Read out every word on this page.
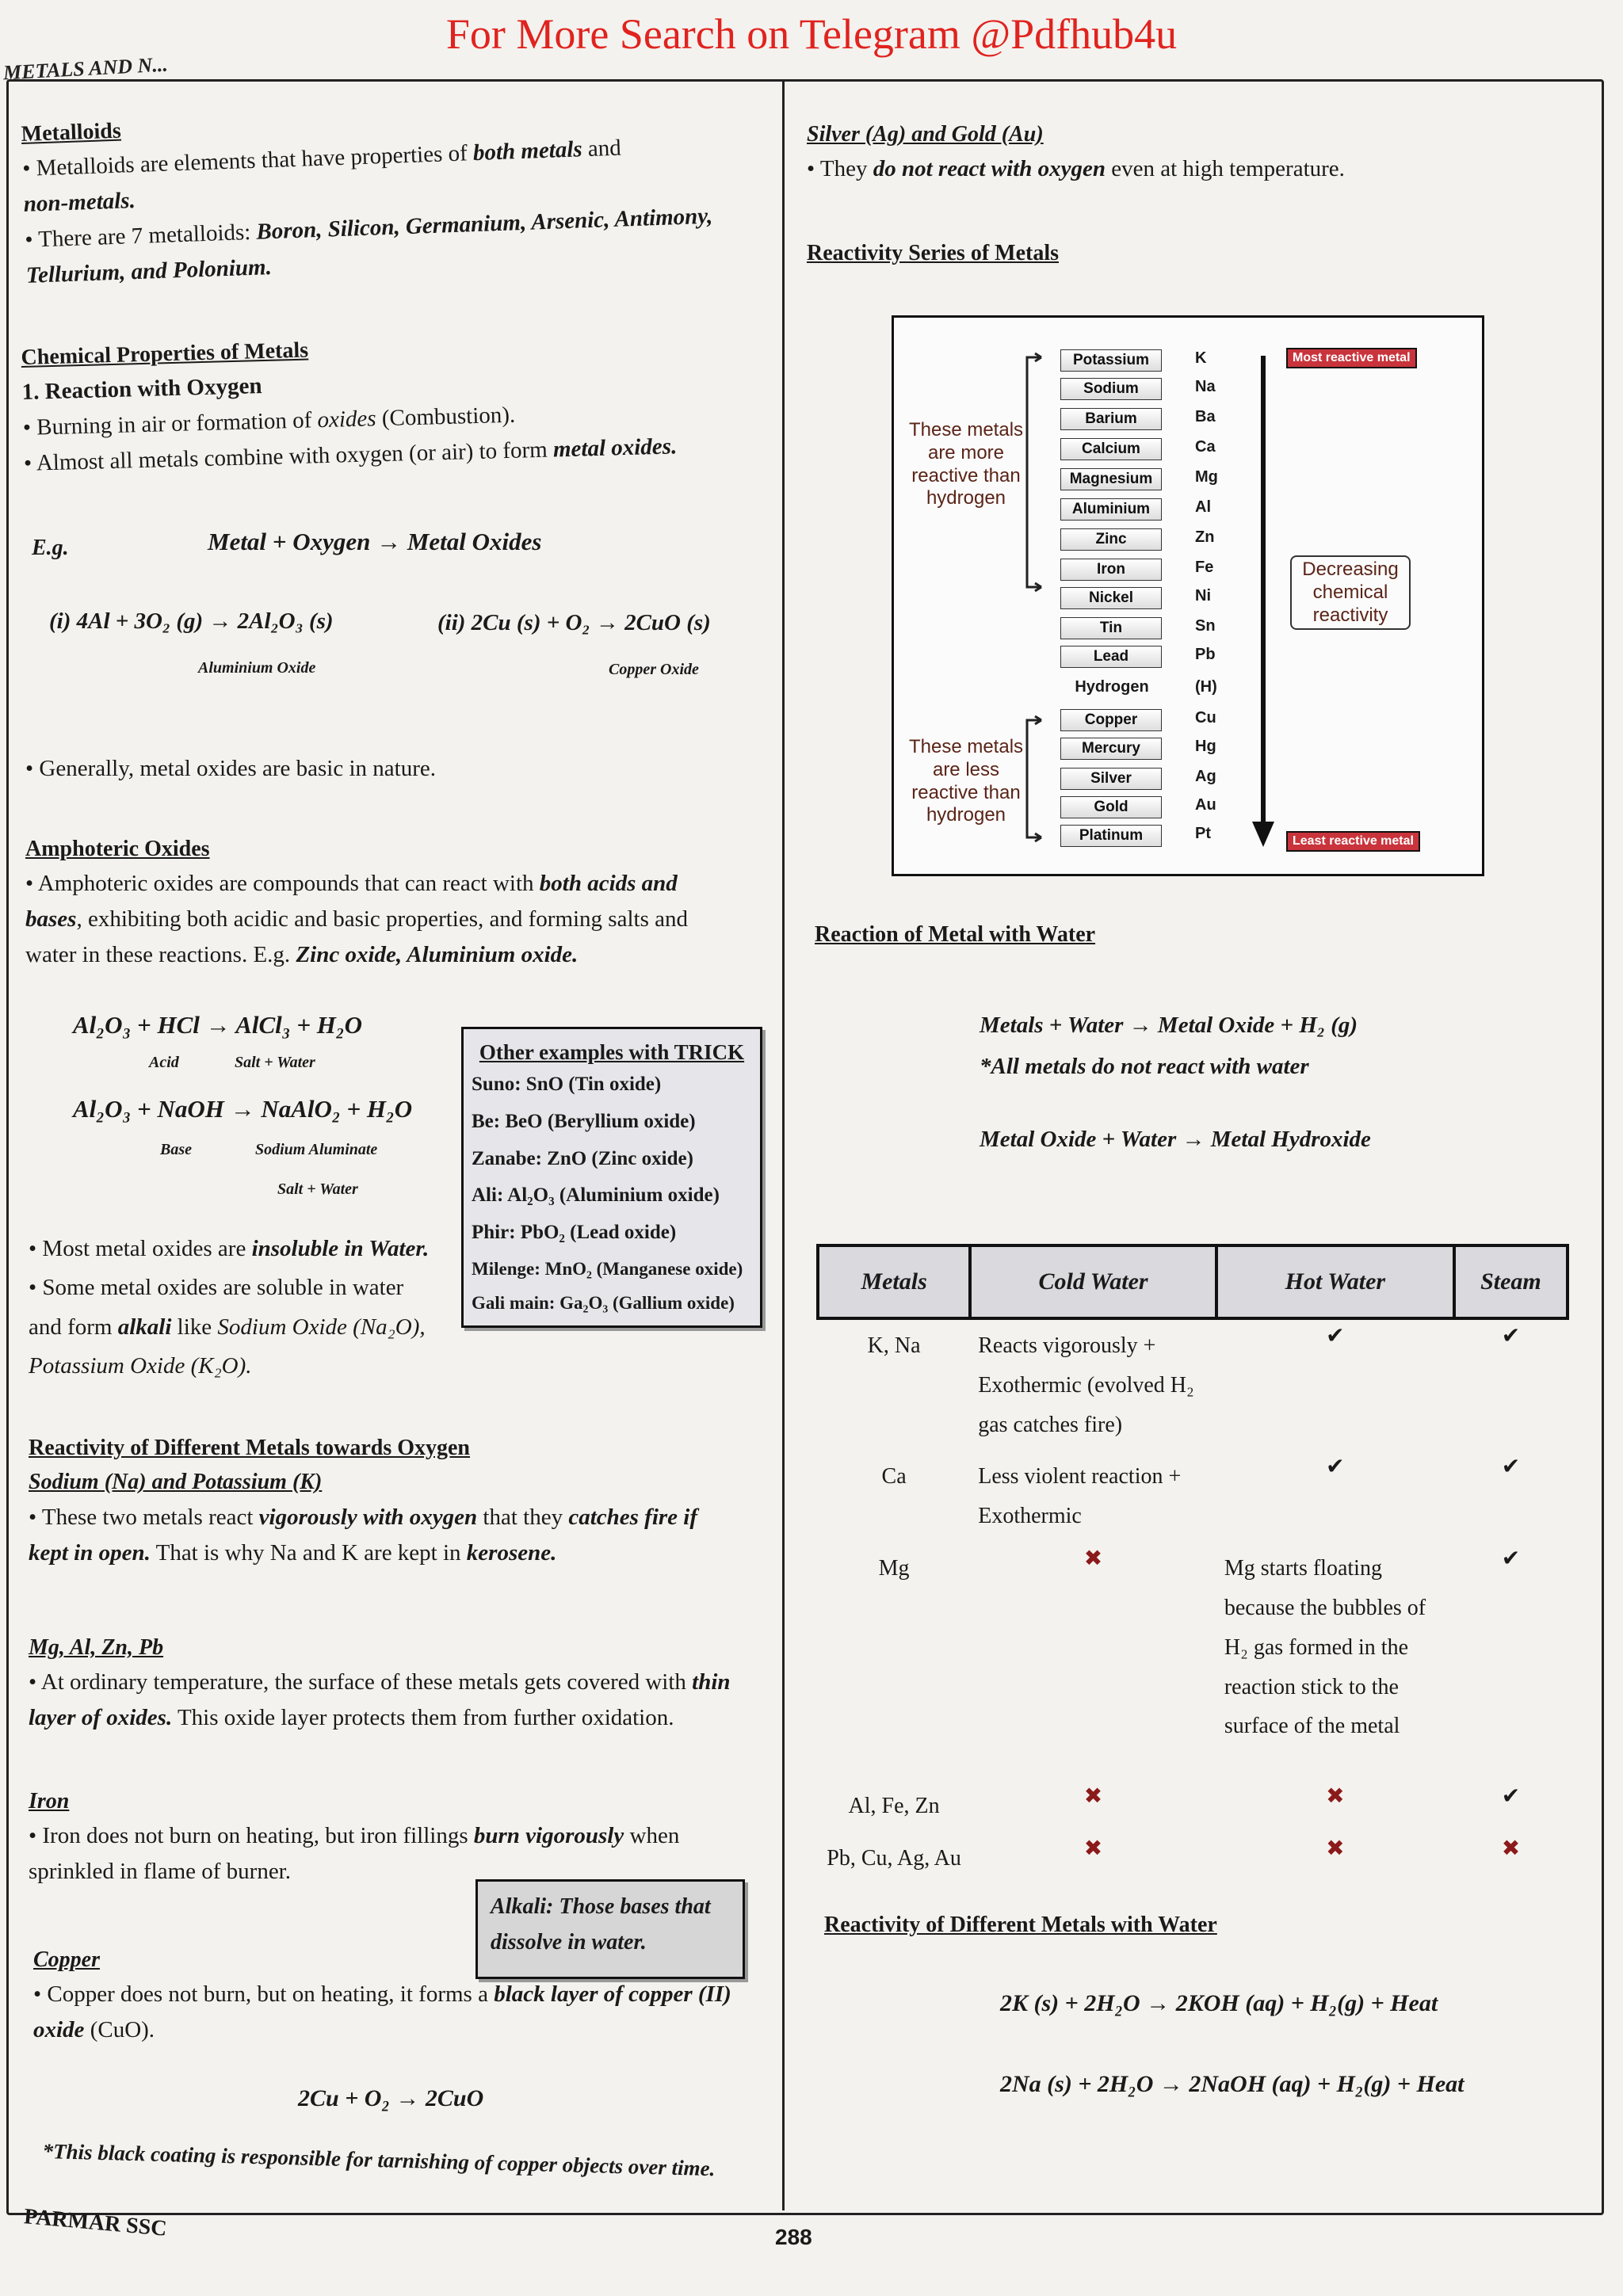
For More Search on Telegram @Pdfhub4u
METALS AND N...
Metalloids
• Metalloids are elements that have properties of both metals and
non-metals.
• There are 7 metalloids: Boron, Silicon, Germanium, Arsenic, Antimony,
Tellurium, and Polonium.
Chemical Properties of Metals
1. Reaction with Oxygen
• Burning in air or formation of oxides (Combustion).
• Almost all metals combine with oxygen (or air) to form metal oxides.
E.g.	Metal + Oxygen → Metal Oxides
(i) 4Al + 3O₂ (g) → 2Al₂O₃ (s)
Aluminium Oxide
(ii) 2Cu (s) + O₂ → 2CuO (s)
Copper Oxide
• Generally, metal oxides are basic in nature.
Amphoteric Oxides
• Amphoteric oxides are compounds that can react with both acids and
bases, exhibiting both acidic and basic properties, and forming salts and
water in these reactions. E.g. Zinc oxide, Aluminium oxide.
Al₂O₃ + HCl → AlCl₃ + H₂O
Acid	Salt + Water
Al₂O₃ + NaOH → NaAlO₂ + H₂O
Base	Sodium Aluminate
Salt + Water
Other examples with TRICK
Suno: SnO (Tin oxide)
Be: BeO (Beryllium oxide)
Zanabe: ZnO (Zinc oxide)
Ali: Al₂O₃ (Aluminium oxide)
Phir: PbO₂ (Lead oxide)
Milenge: MnO₂ (Manganese oxide)
Gali main: Ga₂O₃ (Gallium oxide)
• Most metal oxides are insoluble in Water.
• Some metal oxides are soluble in water
and form alkali like Sodium Oxide (Na₂O),
Potassium Oxide (K₂O).
Reactivity of Different Metals towards Oxygen
Sodium (Na) and Potassium (K)
• These two metals react vigorously with oxygen that they catches fire if
kept in open. That is why Na and K are kept in kerosene.
Mg, Al, Zn, Pb
• At ordinary temperature, the surface of these metals gets covered with thin
layer of oxides. This oxide layer protects them from further oxidation.
Iron
• Iron does not burn on heating, but iron fillings burn vigorously when
sprinkled in flame of burner.
Alkali: Those bases that dissolve in water.
Copper
• Copper does not burn, but on heating, it forms a black layer of copper (II)
oxide (CuO).
2Cu + O₂ → 2CuO
*This black coating is responsible for tarnishing of copper objects over time.
Silver (Ag) and Gold (Au)
• They do not react with oxygen even at high temperature.
Reactivity Series of Metals
Potassium	K
Sodium	Na
Barium	Ba
Calcium	Ca
Magnesium	Mg
Aluminium	Al
Zinc	Zn
Iron	Fe
Nickel	Ni
Tin	Sn
Lead	Pb
Hydrogen	(H)
Copper	Cu
Mercury	Hg
Silver	Ag
Gold	Au
Platinum	Pt
These metals are more reactive than hydrogen
These metals are less reactive than hydrogen
Most reactive metal
Least reactive metal
Decreasing chemical reactivity
Reaction of Metal with Water
Metals + Water → Metal Oxide + H₂ (g)
*All metals do not react with water
Metal Oxide + Water → Metal Hydroxide
Metals	Cold Water	Hot Water	Steam
K, Na	Reacts vigorously + Exothermic (evolved H₂ gas catches fire)	✔	✔
Ca	Less violent reaction + Exothermic	✔	✔
Mg	✖	Mg starts floating because the bubbles of H₂ gas formed in the reaction stick to the surface of the metal	✔
Al, Fe, Zn	✖	✖	✔
Pb, Cu, Ag, Au	✖	✖	✖
Reactivity of Different Metals with Water
2K (s) + 2H₂O → 2KOH (aq) + H₂(g) + Heat
2Na (s) + 2H₂O → 2NaOH (aq) + H₂(g) + Heat
PARMAR SSC	288
